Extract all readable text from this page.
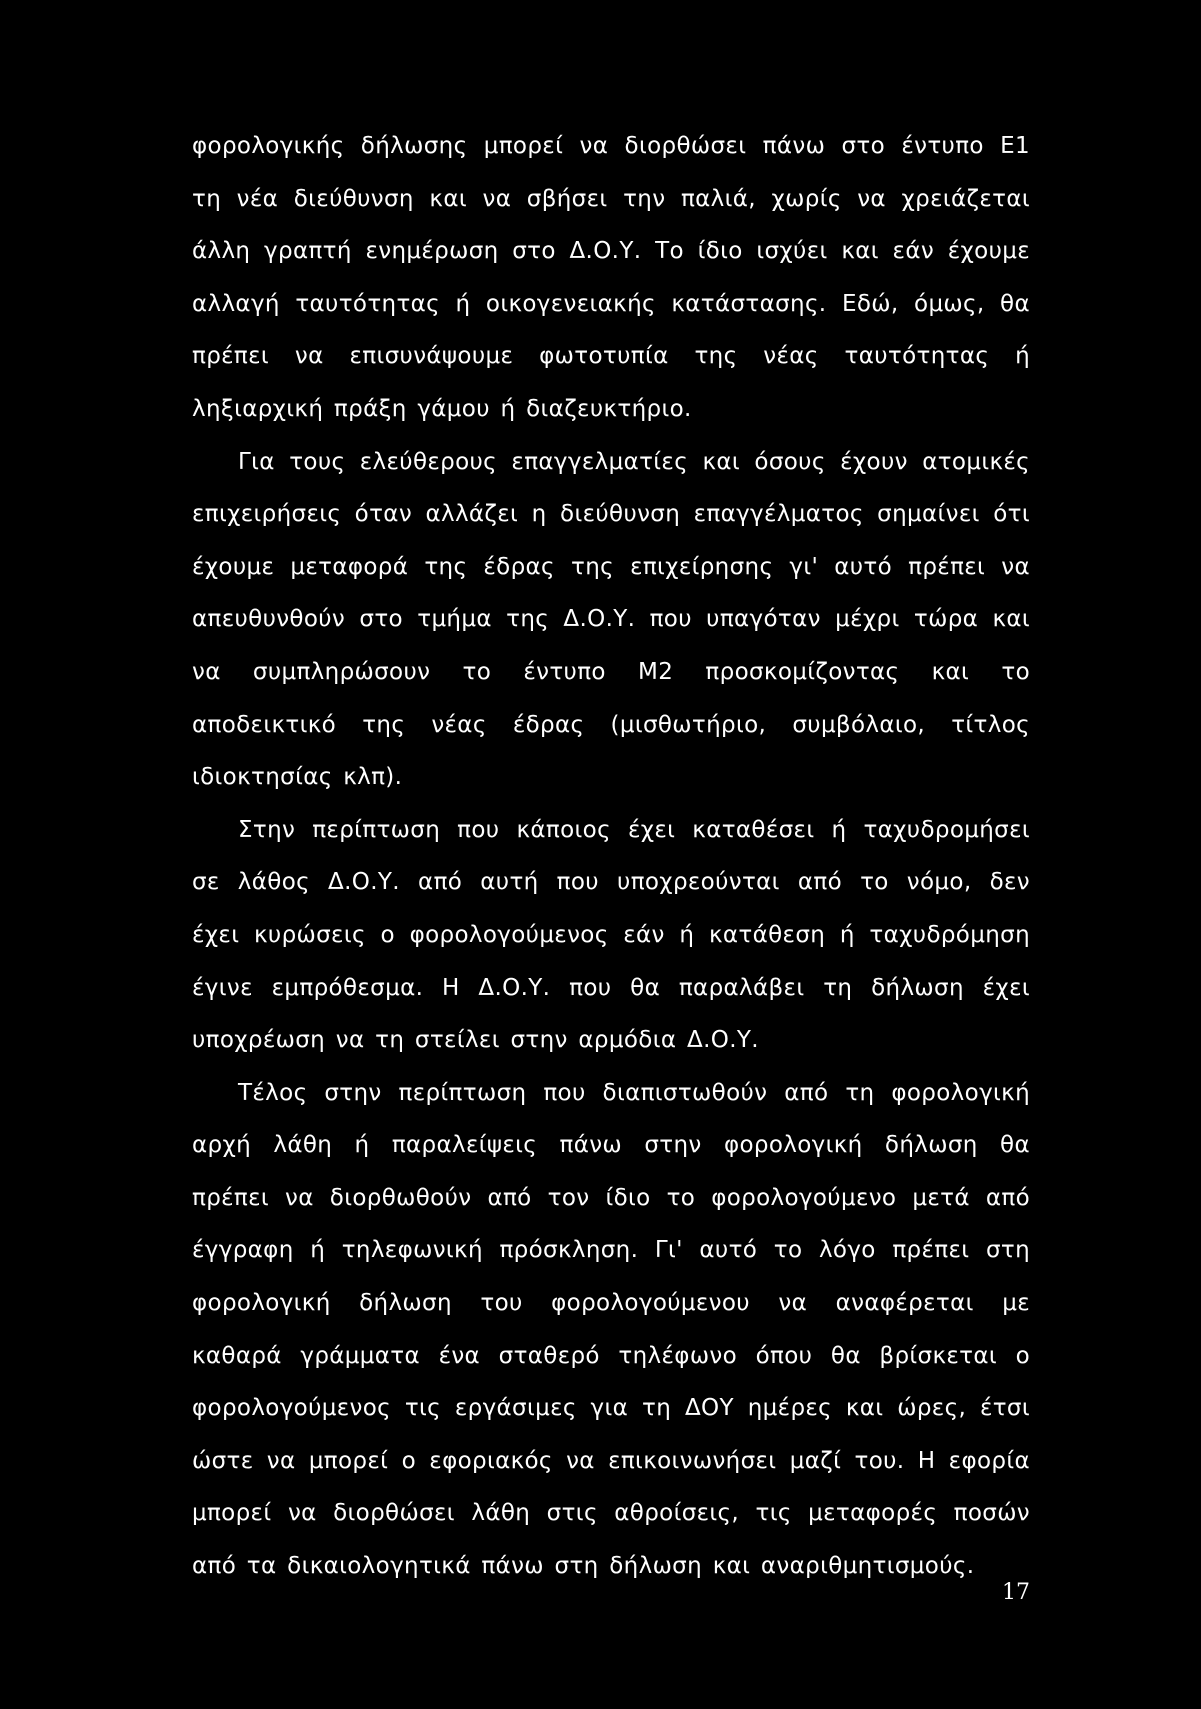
φορολογικής δήλωσης μπορεί να διορθώσει πάνω στο έντυπο Ε1
τη νέα διεύθυνση και να σβήσει την παλιά, χωρίς να χρειάζεται
άλλη γραπτή ενημέρωση στο Δ.Ο.Υ. Το ίδιο ισχύει και εάν έχουμε
αλλαγή ταυτότητας ή οικογενειακής κατάστασης. Εδώ, όμως, θα
πρέπει να επισυνάψουμε φωτοτυπία της νέας ταυτότητας ή
ληξιαρχική πράξη γάμου ή διαζευκτήριο.
Για τους ελεύθερους επαγγελματίες και όσους έχουν ατομικές
επιχειρήσεις όταν αλλάζει η διεύθυνση επαγγέλματος σημαίνει ότι
έχουμε μεταφορά της έδρας της επιχείρησης γι' αυτό πρέπει να
απευθυνθούν στο τμήμα της Δ.Ο.Υ. που υπαγόταν μέχρι τώρα και
να συμπληρώσουν το έντυπο Μ2 προσκομίζοντας και το
αποδεικτικό της νέας έδρας (μισθωτήριο, συμβόλαιο, τίτλος
ιδιοκτησίας κλπ).
Στην περίπτωση που κάποιος έχει καταθέσει ή ταχυδρομήσει
σε λάθος Δ.Ο.Υ. από αυτή που υποχρεούνται από το νόμο, δεν
έχει κυρώσεις ο φορολογούμενος εάν ή κατάθεση ή ταχυδρόμηση
έγινε εμπρόθεσμα. Η Δ.Ο.Υ. που θα παραλάβει τη δήλωση έχει
υποχρέωση να τη στείλει στην αρμόδια Δ.Ο.Υ.
Τέλος στην περίπτωση που διαπιστωθούν από τη φορολογική
αρχή λάθη ή παραλείψεις πάνω στην φορολογική δήλωση θα
πρέπει να διορθωθούν από τον ίδιο το φορολογούμενο μετά από
έγγραφη ή τηλεφωνική πρόσκληση. Γι' αυτό το λόγο πρέπει στη
φορολογική δήλωση του φορολογούμενου να αναφέρεται με
καθαρά γράμματα ένα σταθερό τηλέφωνο όπου θα βρίσκεται ο
φορολογούμενος τις εργάσιμες για τη ΔΟΥ ημέρες και ώρες, έτσι
ώστε να μπορεί ο εφοριακός να επικοινωνήσει μαζί του. Η εφορία
μπορεί να διορθώσει λάθη στις αθροίσεις, τις μεταφορές ποσών
από τα δικαιολογητικά πάνω στη δήλωση και αναριθμητισμούς.
17
